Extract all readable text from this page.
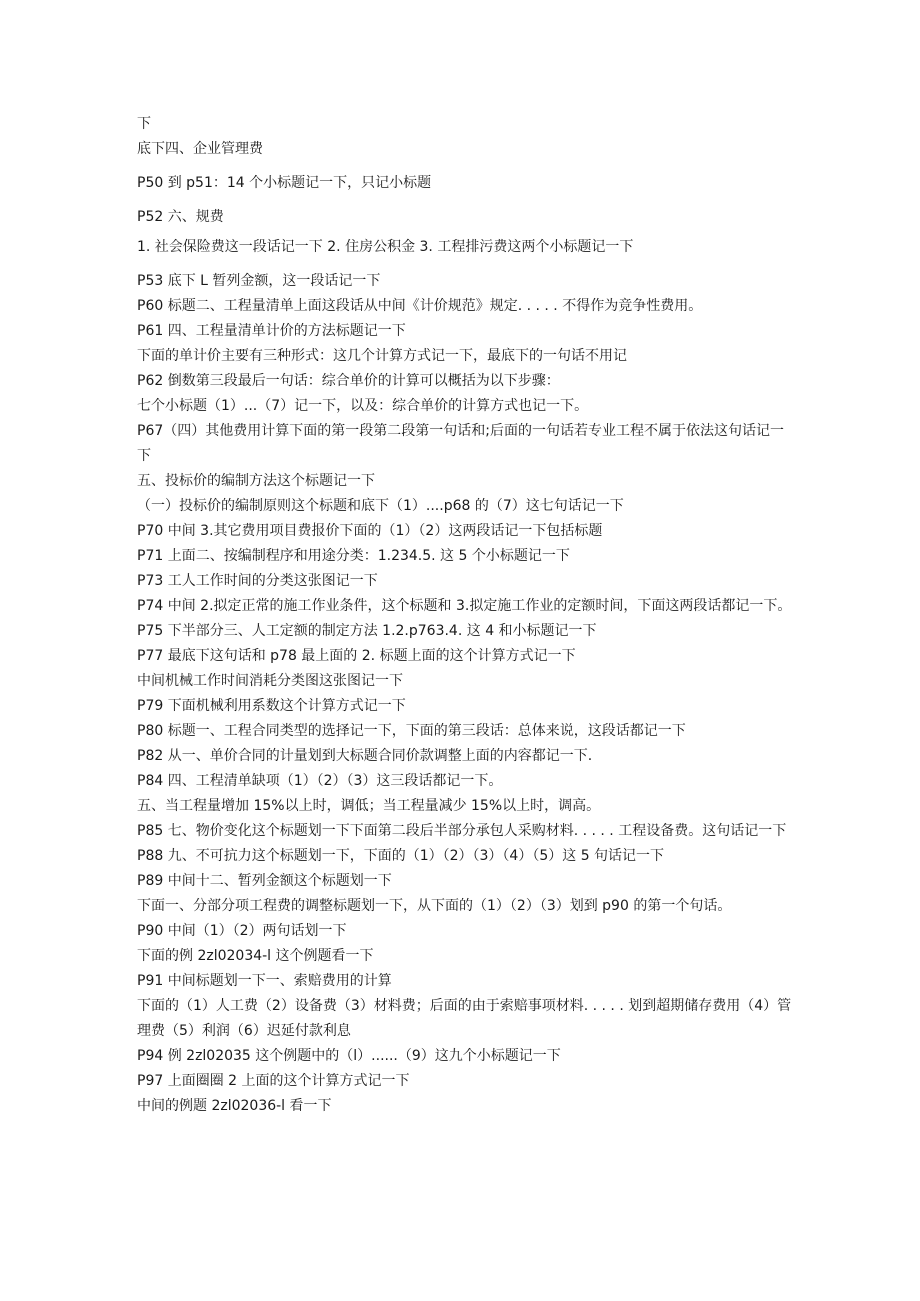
下

底下四、企业管理费

P50 到 p51：14 个小标题记一下，只记小标题

P52 六、规费

1. 社会保险费这一段话记一下 2. 住房公积金 3. 工程排污费这两个小标题记一下

P53 底下 L 暂列金额，这一段话记一下

P60 标题二、工程量清单上面这段话从中间《计价规范》规定. . . . . 不得作为竞争性费用。

P61 四、工程量清单计价的方法标题记一下

下面的单计价主要有三种形式：这几个计算方式记一下，最底下的一句话不用记

P62 倒数第三段最后一句话：综合单价的计算可以概括为以下步骤：

七个小标题（1）...（7）记一下，以及：综合单价的计算方式也记一下。

P67（四）其他费用计算下面的第一段第二段第一句话和;后面的一句话若专业工程不属于依法这句话记一下

五、投标价的编制方法这个标题记一下

（一）投标价的编制原则这个标题和底下（1）....p68 的（7）这七句话记一下

P70 中间 3.其它费用项目费报价下面的（1）（2）这两段话记一下包括标题

P71 上面二、按编制程序和用途分类：1.234.5. 这 5 个小标题记一下

P73 工人工作时间的分类这张图记一下

P74 中间 2.拟定正常的施工作业条件，这个标题和 3.拟定施工作业的定额时间，下面这两段话都记一下。

P75 下半部分三、人工定额的制定方法 1.2.p763.4. 这 4 和小标题记一下

P77 最底下这句话和 p78 最上面的 2. 标题上面的这个计算方式记一下

中间机械工作时间消耗分类图这张图记一下

P79 下面机械利用系数这个计算方式记一下

P80 标题一、工程合同类型的选择记一下，下面的第三段话：总体来说，这段话都记一下

P82 从一、单价合同的计量划到大标题合同价款调整上面的内容都记一下.

P84 四、工程清单缺项（1）（2）（3）这三段话都记一下。

五、当工程量增加 15%以上时，调低；当工程量减少 15%以上时，调高。

P85 七、物价变化这个标题划一下下面第二段后半部分承包人采购材料. . . . . 工程设备费。这句话记一下

P88 九、不可抗力这个标题划一下，下面的（1）（2）（3）（4）（5）这 5 句话记一下

P89 中间十二、暂列金额这个标题划一下

下面一、分部分项工程费的调整标题划一下，从下面的（1）（2）（3）划到 p90 的第一个句话。

P90 中间（1）（2）两句话划一下

下面的例 2zl02034-l 这个例题看一下

P91 中间标题划一下一、索赔费用的计算

下面的（1）人工费（2）设备费（3）材料费；后面的由于索赔事项材料. . . . . 划到超期储存费用（4）管理费（5）利润（6）迟延付款利息

P94 例 2zl02035 这个例题中的（l）......（9）这九个小标题记一下

P97 上面圈圈 2 上面的这个计算方式记一下

中间的例题 2zl02036-l 看一下
